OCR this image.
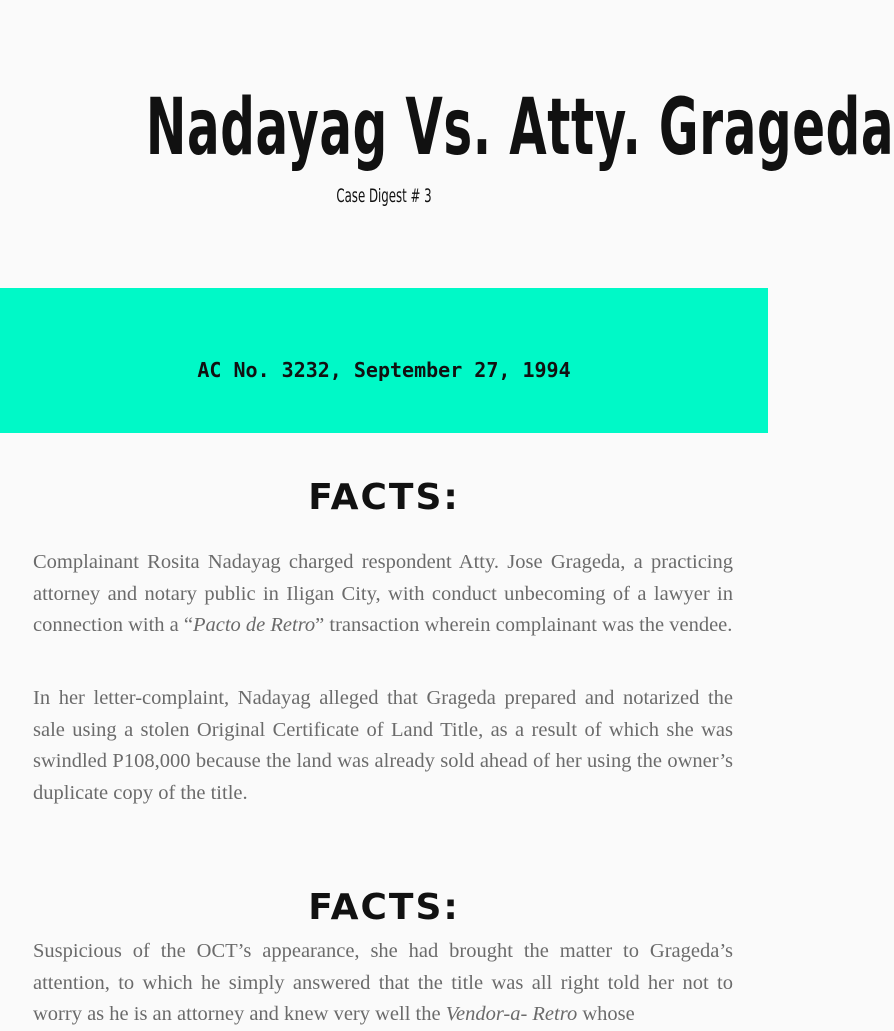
Nadayag Vs. Atty. Grageda

Case Digest # 3

AC No. 3232, September 27, 1994

FACTS:

Complainant Rosita Nadayag charged respondent Atty. Jose Grageda, a practicing attorney and notary public in Iligan City, with conduct unbecoming of a lawyer in connection with a “Pacto de Retro” transaction wherein complainant was the vendee.

In her letter-complaint, Nadayag alleged that Grageda prepared and notarized the sale using a stolen Original Certificate of Land Title, as a result of which she was swindled P108,000 because the land was already sold ahead of her using the owner’s duplicate copy of the title.

FACTS:

Suspicious of the OCT’s appearance, she had brought the matter to Grageda’s attention, to which he simply answered that the title was all right told her not to worry as he is an attorney and knew very well the Vendor-a- Retro whose
